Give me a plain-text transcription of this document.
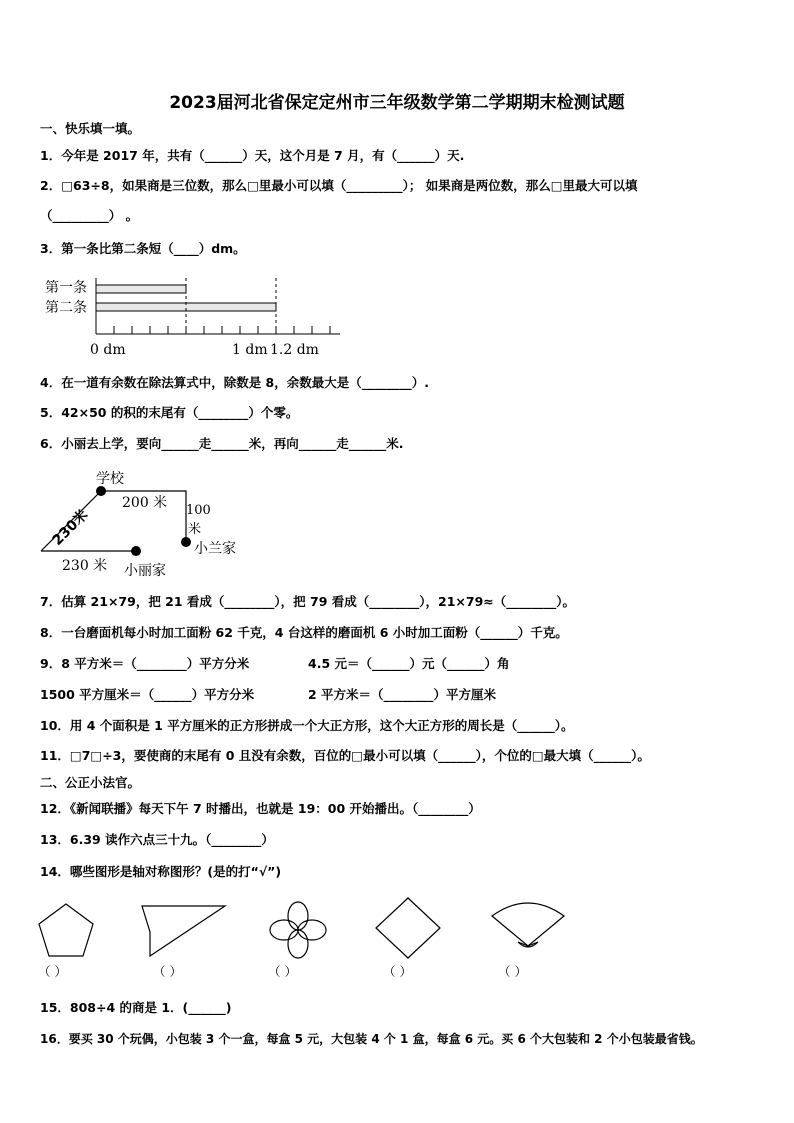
2023届河北省保定定州市三年级数学第二学期期末检测试题
一、快乐填一填。
1．今年是 2017 年，共有（______）天，这个月是 7 月，有（______）天.
2．□63÷8，如果商是三位数，那么□里最小可以填（_________）； 如果商是两位数，那么□里最大可以填
（_________） 。
3．第一条比第二条短（____）dm。
第一条
第二条
0 dm	1 dm 1.2 dm
4．在一道有余数在除法算式中，除数是 8，余数最大是（________）.
5．42×50 的积的末尾有（________）个零。
6．小丽去上学，要向______走______米，再向______走______米.
学校
200 米 100
米
230米
230 米
小兰家
小丽家
7．估算 21×79，把 21 看成（________），把 79 看成（________），21×79≈（________）。
8．一台磨面机每小时加工面粉 62 千克，4 台这样的磨面机 6 小时加工面粉（______）千克。
9．8 平方米＝（________）平方分米	4.5 元＝（______）元（______）角
1500 平方厘米＝（______）平方分米	2 平方米＝（________）平方厘米
10．用 4 个面积是 1 平方厘米的正方形拼成一个大正方形，这个大正方形的周长是（______）。
11．□7□÷3，要使商的末尾有 0 且没有余数，百位的□最小可以填（______），个位的□最大填（______）。
二、公正小法官。
12．《新闻联播》每天下午 7 时播出，也就是 19：00 开始播出。（________）
13．6.39 读作六点三十九。（________）
14．哪些图形是轴对称图形？(是的打“√”)
（ ）	（ ）	（ ）	（ ）	（ ）
15．808÷4 的商是 1．(______)
16．要买 30 个玩偶，小包装 3 个一盒，每盒 5 元，大包装 4 个 1 盒，每盒 6 元。买 6 个大包装和 2 个小包装最省钱。
